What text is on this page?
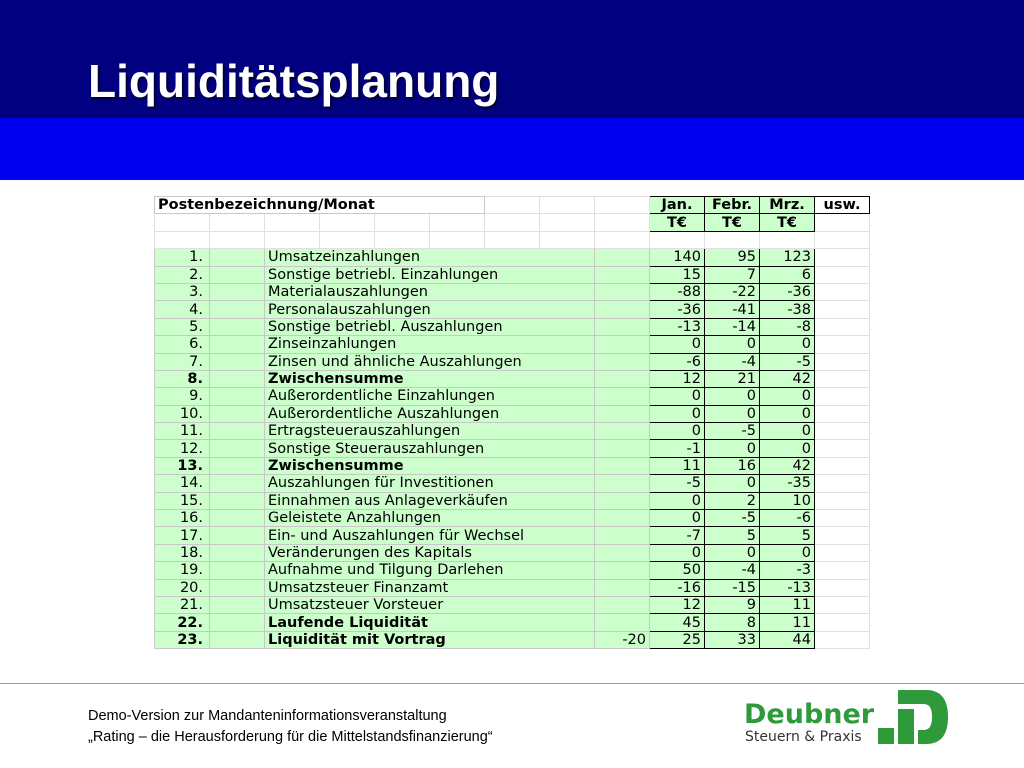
Liquiditätsplanung
Postenbezeichnung/Monat									Jan.	Febr.	Mrz.	usw.
									T€	T€	T€	

1.		Umsatzeinzahlungen							140	95	123	
2.		Sonstige betriebl. Einzahlungen							15	7	6	
3.		Materialauszahlungen							-88	-22	-36	
4.		Personalauszahlungen							-36	-41	-38	
5.		Sonstige betriebl. Auszahlungen							-13	-14	-8	
6.		Zinseinzahlungen							0	0	0	
7.		Zinsen und ähnliche Auszahlungen							-6	-4	-5	
8.		Zwischensumme							12	21	42	
9.		Außerordentliche Einzahlungen							0	0	0	
10.		Außerordentliche Auszahlungen							0	0	0	
11.		Ertragsteuerauszahlungen							0	-5	0	
12.		Sonstige Steuerauszahlungen							-1	0	0	
13.		Zwischensumme							11	16	42	
14.		Auszahlungen für Investitionen							-5	0	-35	
15.		Einnahmen aus Anlageverkäufen							0	2	10	
16.		Geleistete Anzahlungen							0	-5	-6	
17.		Ein- und Auszahlungen für Wechsel							-7	5	5	
18.		Veränderungen des Kapitals							0	0	0	
19.		Aufnahme und Tilgung Darlehen							50	-4	-3	
20.		Umsatzsteuer Finanzamt							-16	-15	-13	
21.		Umsatzsteuer Vorsteuer							12	9	11	
22.		Laufende Liquidität							45	8	11	
23.		Liquidität mit Vortrag						-20	25	33	44	
Demo-Version zur Mandanteninformationsveranstaltung
„Rating – die Herausforderung für die Mittelstandsfinanzierung“
Deubner
Steuern & Praxis
